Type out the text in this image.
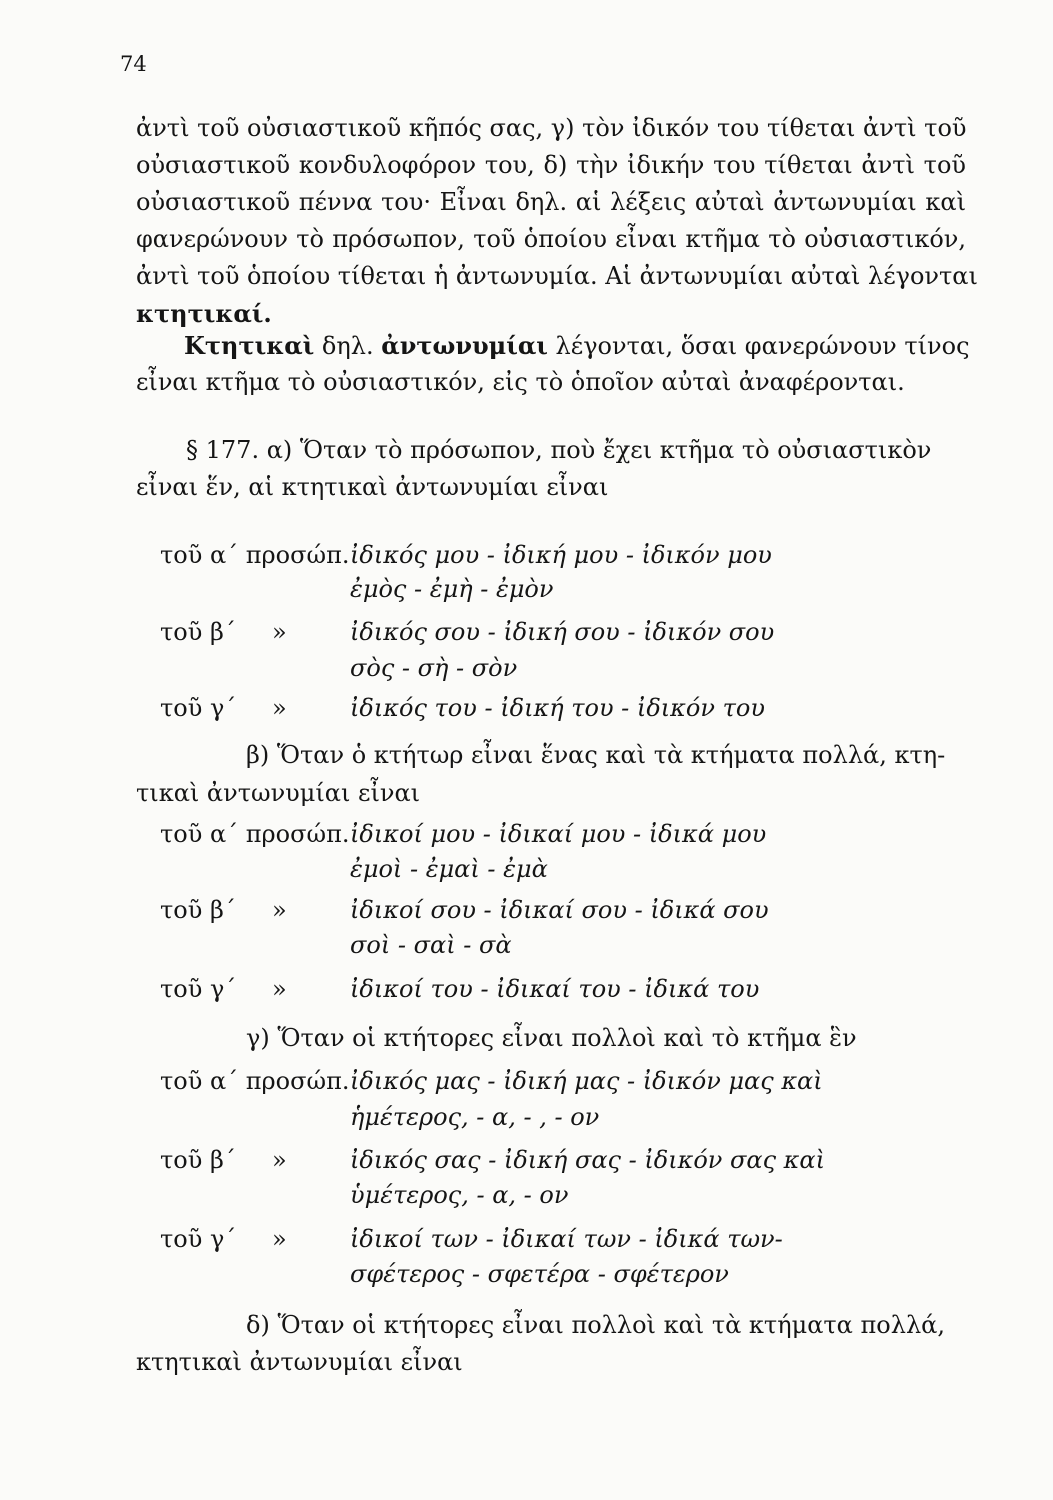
74
ἀντὶ τοῦ οὐσιαστικοῦ κῆπός σας, γ) τὸν ἰδικόν του τίθεται ἀντὶ τοῦ
οὐσιαστικοῦ κονδυλοφόρον του, δ) τὴν ἰδικήν του τίθεται ἀντὶ τοῦ
οὐσιαστικοῦ πέννα του· Εἶναι δηλ. αἱ λέξεις αὐταὶ ἀντωνυμίαι καὶ
φανερώνουν τὸ πρόσωπον, τοῦ ὁποίου εἶναι κτῆμα τὸ οὐσιαστικόν,
ἀντὶ τοῦ ὁποίου τίθεται ἡ ἀντωνυμία. Αἱ ἀντωνυμίαι αὐταὶ λέγονται
κτητικαί.
Κτητικαὶ δηλ. ἀντωνυμίαι λέγονται, ὅσαι φανερώνουν τίνος
εἶναι κτῆμα τὸ οὐσιαστικόν, εἰς τὸ ὁποῖον αὐταὶ ἀναφέρονται.
§ 177. α) Ὅταν τὸ πρόσωπον, ποὺ ἔχει κτῆμα τὸ οὐσιαστικὸν
εἶναι ἕν, αἱ κτητικαὶ ἀντωνυμίαι εἶναι
τοῦ α΄ προσώπ. ἰδικός μου - ἰδική μου - ἰδικόν μου
ἐμὸς - ἐμὴ - ἐμὸν
τοῦ β΄ »	ἰδικός σου - ἰδική σου - ἰδικόν σου
σὸς - σὴ - σὸν
τοῦ γ΄ »	ἰδικός του - ἰδική του - ἰδικόν του
β) Ὅταν ὁ κτήτωρ εἶναι ἕνας καὶ τὰ κτήματα πολλά, κτη-
τικαὶ ἀντωνυμίαι εἶναι
τοῦ α΄ προσώπ. ἰδικοί μου - ἰδικαί μου - ἰδικά μου
ἐμοὶ - ἐμαὶ - ἐμὰ
τοῦ β΄ »	ἰδικοί σου - ἰδικαί σου - ἰδικά σου
σοὶ - σαὶ - σὰ
τοῦ γ΄ »	ἰδικοί του - ἰδικαί του - ἰδικά του
γ) Ὅταν οἱ κτήτορες εἶναι πολλοὶ καὶ τὸ κτῆμα ἓν
τοῦ α΄ προσώπ. ἰδικός μας - ἰδική μας - ἰδικόν μας καὶ
ἡμέτερος, - α, - , - ον
τοῦ β΄ »	ἰδικός σας - ἰδική σας - ἰδικόν σας καὶ
ὑμέτερος, - α, - ον
τοῦ γ΄ »	ἰδικοί των - ἰδικαί των - ἰδικά των-
σφέτερος - σφετέρα - σφέτερον
δ) Ὅταν οἱ κτήτορες εἶναι πολλοὶ καὶ τὰ κτήματα πολλά,
κτητικαὶ ἀντωνυμίαι εἶναι
